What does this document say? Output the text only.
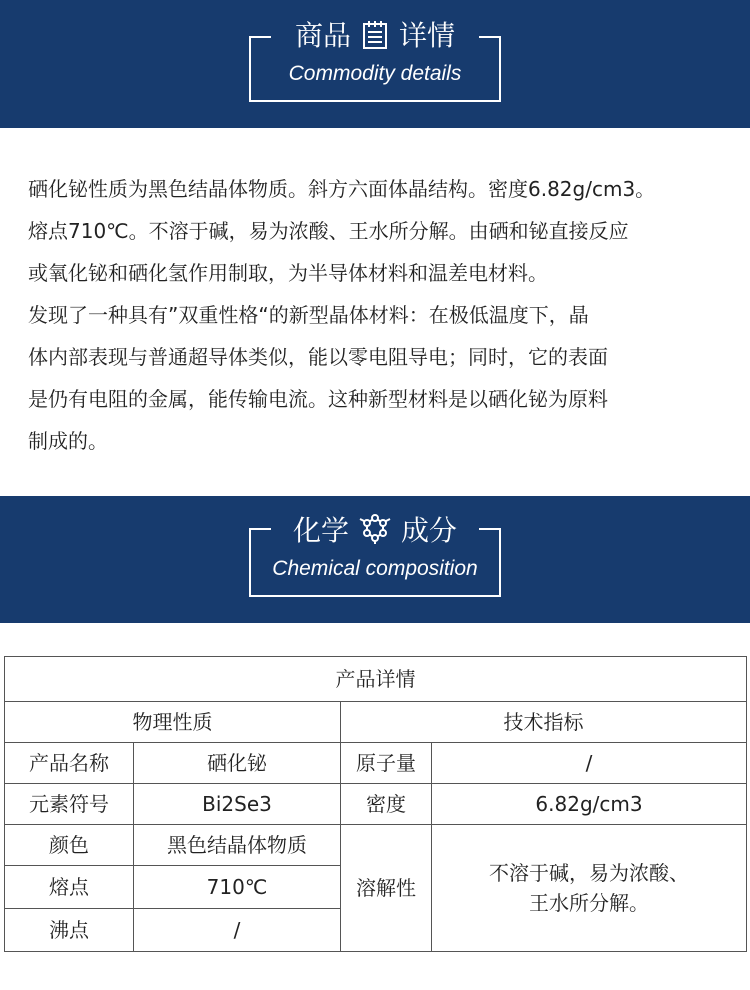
商品 详情
Commodity details

硒化铋性质为黑色结晶体物质。斜方六面体晶结构。密度6.82g/cm3。

熔点710℃。不溶于碱，易为浓酸、王水所分解。由硒和铋直接反应

或氧化铋和硒化氢作用制取，为半导体材料和温差电材料。

发现了一种具有”双重性格“的新型晶体材料：在极低温度下，晶

体内部表现与普通超导体类似，能以零电阻导电；同时，它的表面

是仍有电阻的金属，能传输电流。这种新型材料是以硒化铋为原料

制成的。

化学 成分
Chemical composition
产品详情			
物理性质		技术指标	
产品名称	硒化铋	原子量	/
元素符号	Bi2Se3	密度	6.82g/cm3
颜色	黑色结晶体物质	溶解性	不溶于碱，易为浓酸、
王水所分解。
熔点	710℃		
沸点	/		
